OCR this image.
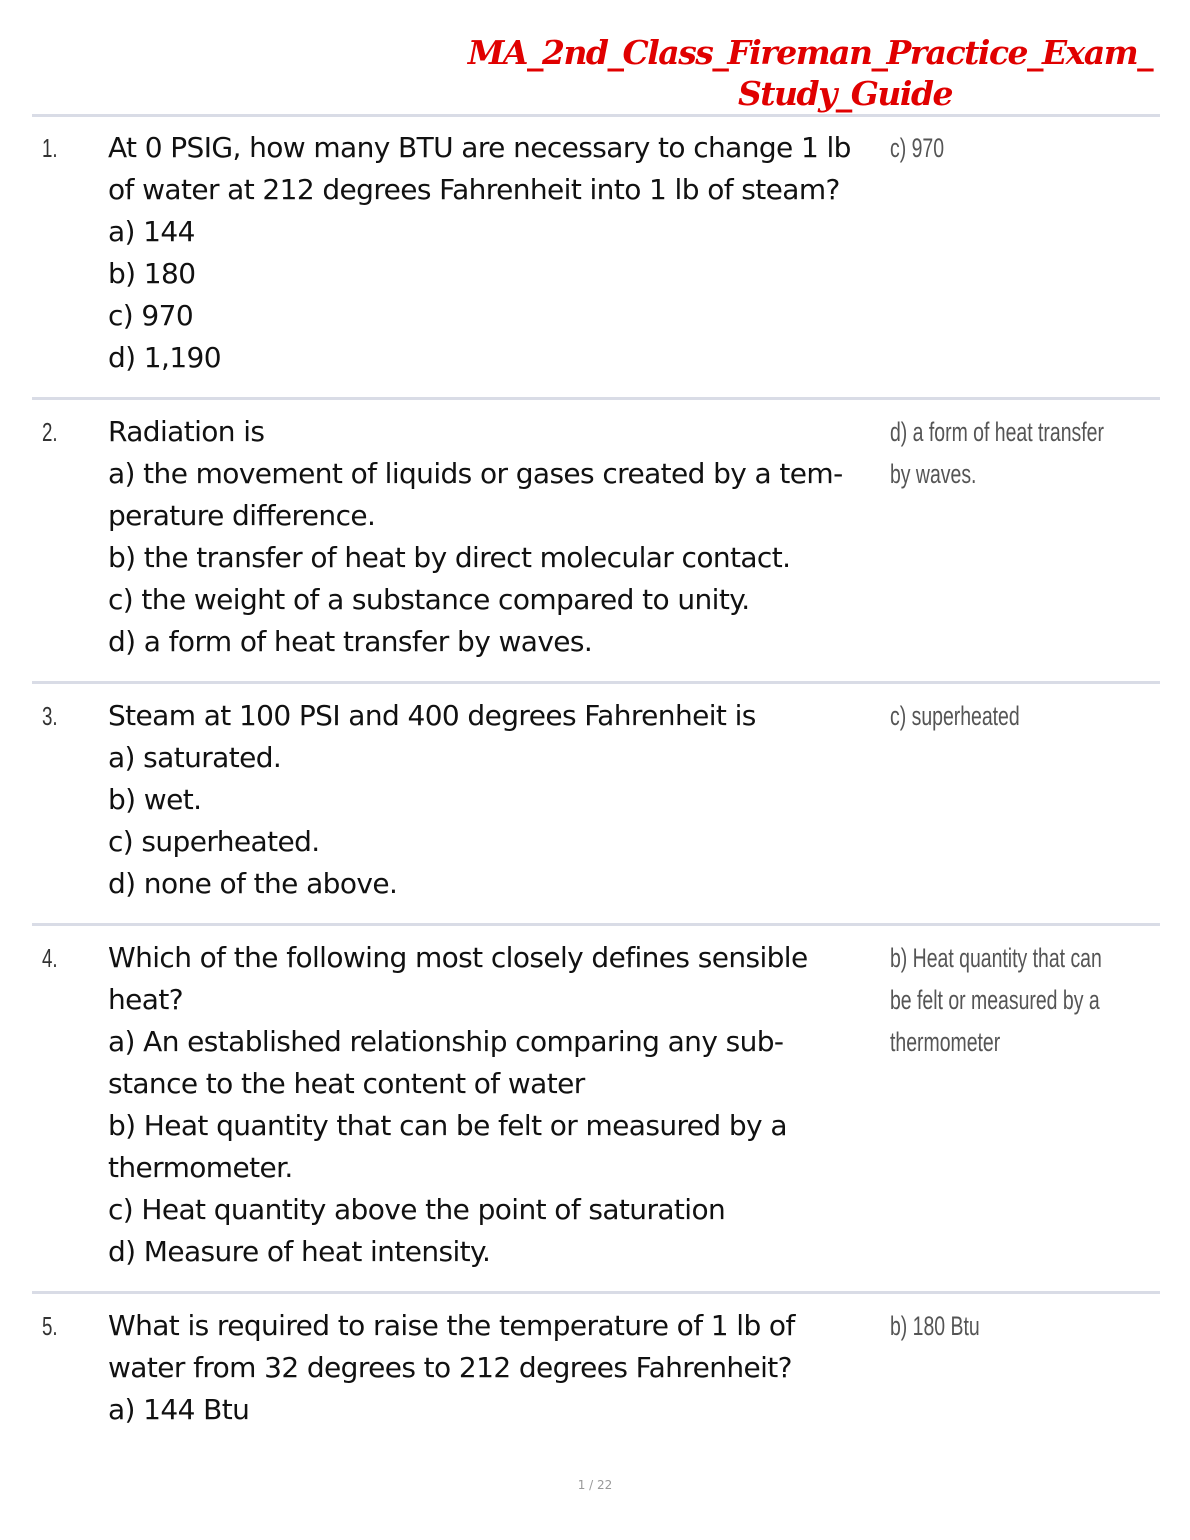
MA_2nd_Class_Fireman_Practice_Exam_
Study_Guide
1. At 0 PSIG, how many BTU are necessary to change 1 lb
of water at 212 degrees Fahrenheit into 1 lb of steam?
a) 144
b) 180
c) 970
d) 1,190
c) 970
2. Radiation is
a) the movement of liquids or gases created by a tem-
perature difference.
b) the transfer of heat by direct molecular contact.
c) the weight of a substance compared to unity.
d) a form of heat transfer by waves.
d) a form of heat transfer
by waves.
3. Steam at 100 PSI and 400 degrees Fahrenheit is
a) saturated.
b) wet.
c) superheated.
d) none of the above.
c) superheated
4. Which of the following most closely defines sensible
heat?
a) An established relationship comparing any sub-
stance to the heat content of water
b) Heat quantity that can be felt or measured by a
thermometer.
c) Heat quantity above the point of saturation
d) Measure of heat intensity.
b) Heat quantity that can
be felt or measured by a
thermometer
5. What is required to raise the temperature of 1 lb of
water from 32 degrees to 212 degrees Fahrenheit?
a) 144 Btu
b) 180 Btu
1 / 22
